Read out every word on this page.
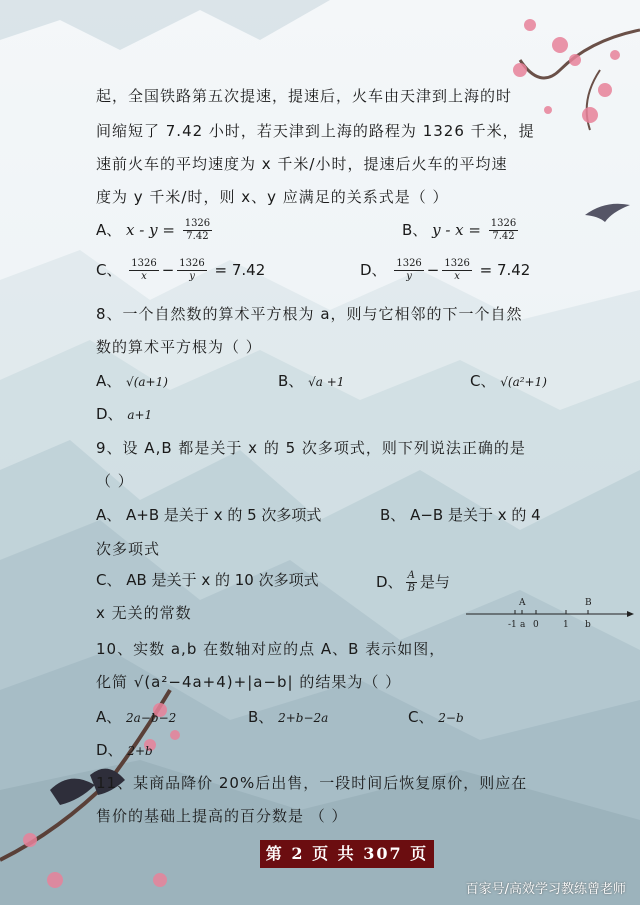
起，全国铁路第五次提速，提速后，火车由天津到上海的时
间缩短了 7.42 小时，若天津到上海的路程为 1326 千米，提
速前火车的平均速度为 x 千米/小时，提速后火车的平均速
度为 y 千米/时，则 x、y 应满足的关系式是（ ）
A、 $x - y = \frac{1326}{7.42}$	B、 $y - x = \frac{1326}{7.42}$
C、 $\frac{1326}{x} - \frac{1326}{y} = 7.42$	D、 $\frac{1326}{y} - \frac{1326}{x} = 7.42$
8、一个自然数的算术平方根为 a，则与它相邻的下一个自然
数的算术平方根为（ ）
A、 √(a+1)	B、 √a +1	C、 √(a²+1)
D、 a+1
9、设 A,B 都是关于 x 的 5 次多项式，则下列说法正确的是
（ ）
A、 A+B 是关于 x 的 5 次多项式	B、 A−B 是关于 x 的 4
次多项式
C、 AB 是关于 x 的 10 次多项式	D、 $\frac{A}{B}$ 是与
x 无关的常数
A	B
-1 a 0	1 b
10、实数 a,b 在数轴对应的点 A、B 表示如图，
化简 √(a²−4a+4)+|a−b| 的结果为（ ）
A、 2a−b−2	B、 2+b−2a	C、 2−b
D、 2+b
11、某商品降价 20%后出售，一段时间后恢复原价，则应在
售价的基础上提高的百分数是 （ ）
第 2 页 共 307 页
百家号/高效学习教练曾老师
